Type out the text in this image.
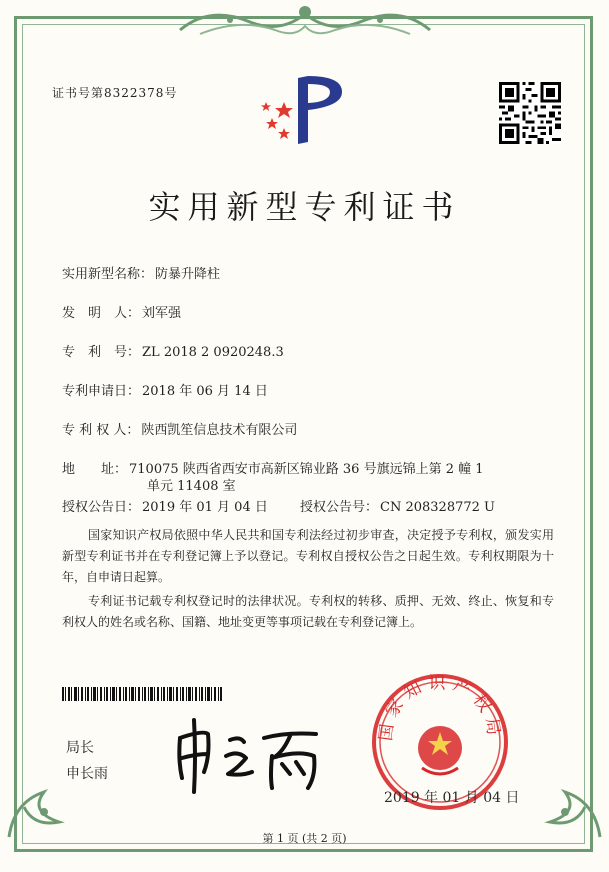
证书号第8322378号
实用新型专利证书
实用新型名称： 防暴升降柱
发　明　人： 刘军强
专　利　号： ZL 2018 2 0920248.3
专利申请日： 2018 年 06 月 14 日
专 利 权 人： 陕西凯笙信息技术有限公司
地　　址： 710075 陕西省西安市高新区锦业路 36 号旗远锦上第 2 幢 1
单元 11408 室
授权公告日： 2019 年 01 月 04 日 授权公告号： CN 208328772 U
国家知识产权局依照中华人民共和国专利法经过初步审查，决定授予专利权，颁发实用新型专利证书并在专利登记簿上予以登记。专利权自授权公告之日起生效。专利权期限为十年，自申请日起算。
专利证书记载专利权登记时的法律状况。专利权的转移、质押、无效、终止、恢复和专利权人的姓名或名称、国籍、地址变更等事项记载在专利登记簿上。
局长
申长雨
国家知识产权局
2019 年 01 月 04 日
第 1 页 (共 2 页)
